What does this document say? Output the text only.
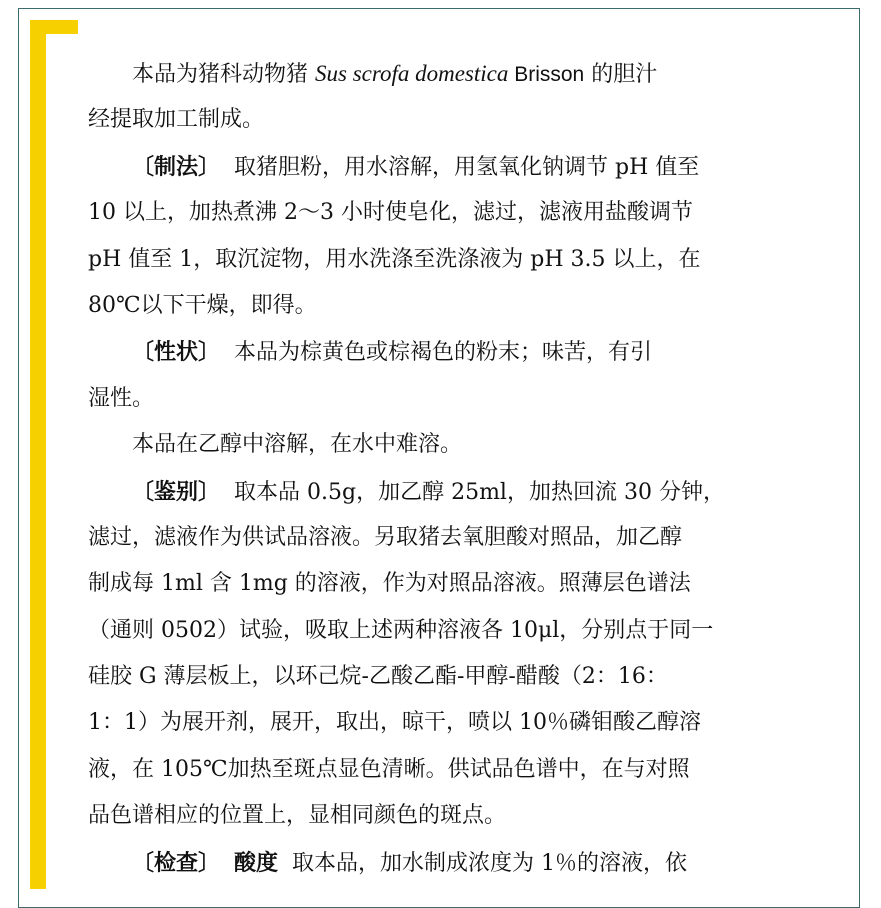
本品为猪科动物猪 Sus scrofa domestica Brisson 的胆汁
经提取加工制成。
〔制法〕 取猪胆粉，用水溶解，用氢氧化钠调节 pH 值至
10 以上，加热煮沸 2～3 小时使皂化，滤过，滤液用盐酸调节
pH 值至 1，取沉淀物，用水洗涤至洗涤液为 pH 3.5 以上，在
80℃以下干燥，即得。
〔性状〕 本品为棕黄色或棕褐色的粉末；味苦，有引
湿性。
本品在乙醇中溶解，在水中难溶。
〔鉴别〕 取本品 0.5g，加乙醇 25ml，加热回流 30 分钟，
滤过，滤液作为供试品溶液。另取猪去氧胆酸对照品，加乙醇
制成每 1ml 含 1mg 的溶液，作为对照品溶液。照薄层色谱法
（通则 0502）试验，吸取上述两种溶液各 10μl，分别点于同一
硅胶 G 薄层板上，以环己烷-乙酸乙酯-甲醇-醋酸（2：16：
1：1）为展开剂，展开，取出，晾干，喷以 10％磷钼酸乙醇溶
液，在 105℃加热至斑点显色清晰。供试品色谱中，在与对照
品色谱相应的位置上，显相同颜色的斑点。
〔检查〕 酸度 取本品，加水制成浓度为 1％的溶液，依
